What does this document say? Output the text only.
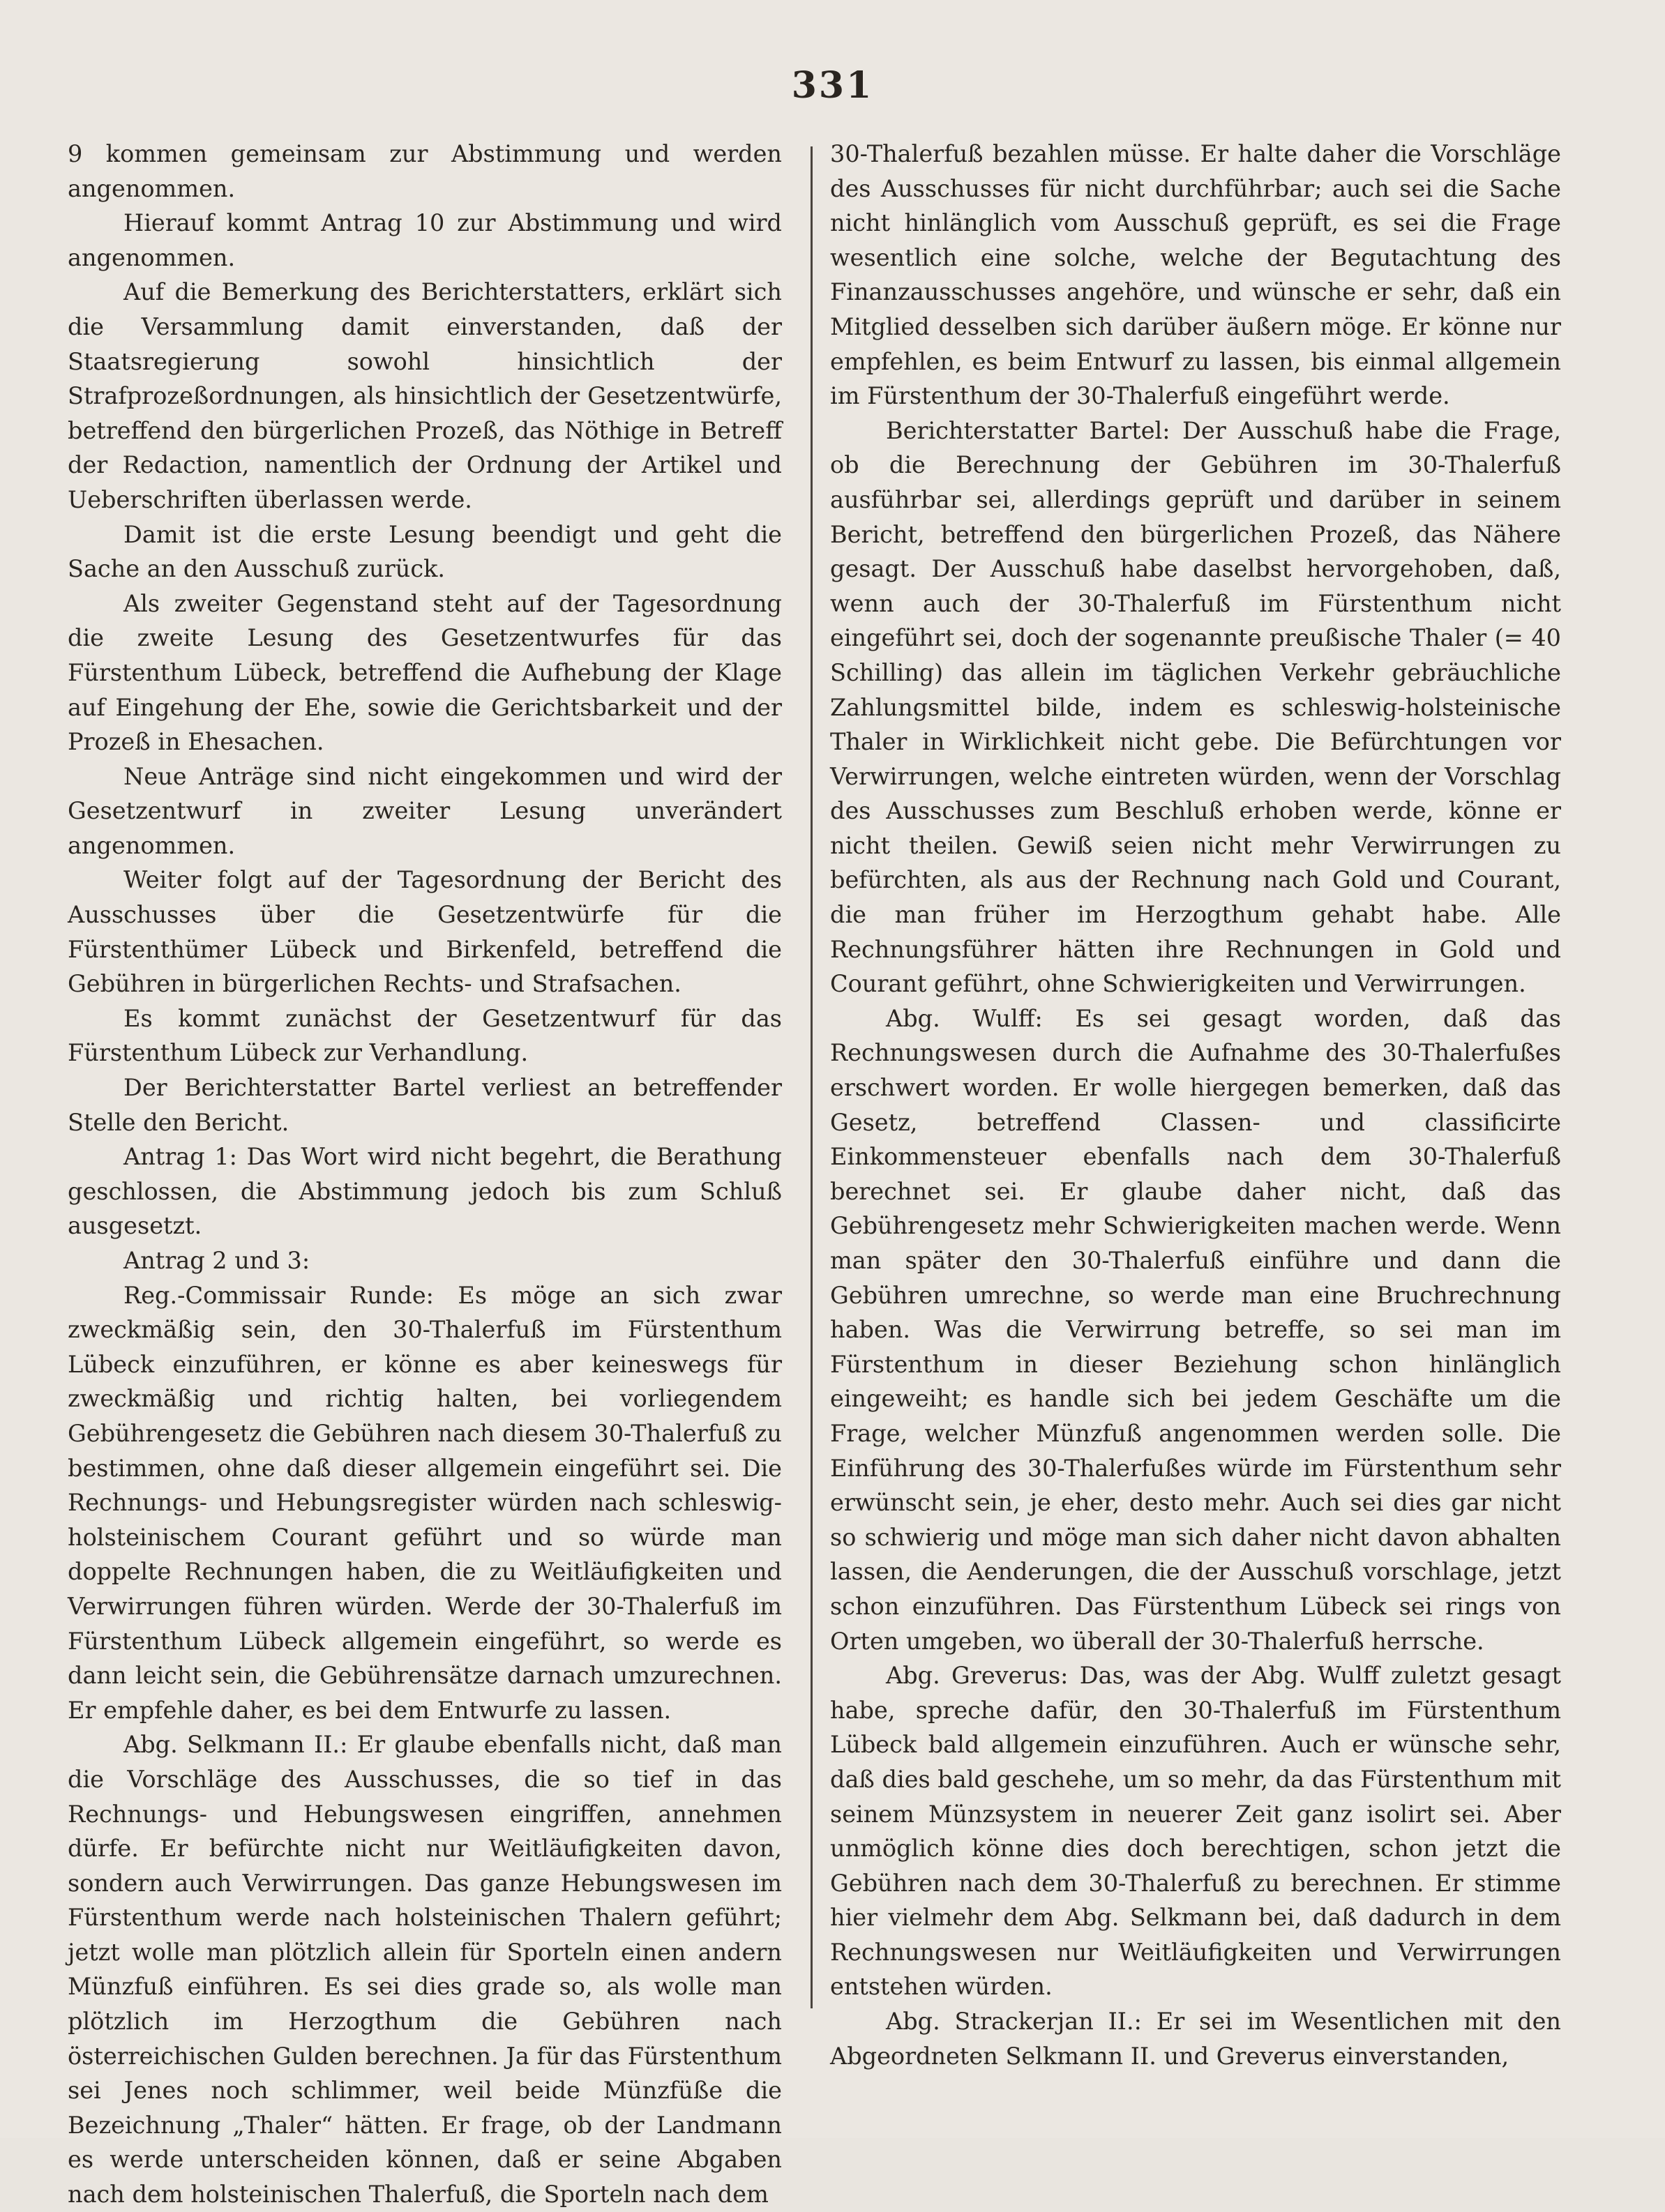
331

9 kommen gemeinsam zur Abstimmung und werden angenommen.

Hierauf kommt Antrag 10 zur Abstimmung und wird angenommen.

Auf die Bemerkung des Berichterstatters, erklärt sich die Versammlung damit einverstanden, daß der Staatsregierung sowohl hinsichtlich der Strafprozeßordnungen, als hinsichtlich der Gesetzentwürfe, betreffend den bürgerlichen Prozeß, das Nöthige in Betreff der Redaction, namentlich der Ordnung der Artikel und Ueberschriften überlassen werde.

Damit ist die erste Lesung beendigt und geht die Sache an den Ausschuß zurück.

Als zweiter Gegenstand steht auf der Tagesordnung die zweite Lesung des Gesetzentwurfes für das Fürstenthum Lübeck, betreffend die Aufhebung der Klage auf Eingehung der Ehe, sowie die Gerichtsbarkeit und der Prozeß in Ehesachen.

Neue Anträge sind nicht eingekommen und wird der Gesetzentwurf in zweiter Lesung unverändert angenommen.

Weiter folgt auf der Tagesordnung der Bericht des Ausschusses über die Gesetzentwürfe für die Fürstenthümer Lübeck und Birkenfeld, betreffend die Gebühren in bürgerlichen Rechts- und Strafsachen.

Es kommt zunächst der Gesetzentwurf für das Fürstenthum Lübeck zur Verhandlung.

Der Berichterstatter Bartel verliest an betreffender Stelle den Bericht.

Antrag 1: Das Wort wird nicht begehrt, die Berathung geschlossen, die Abstimmung jedoch bis zum Schluß ausgesetzt.

Antrag 2 und 3:

Reg.-Commissair Runde: Es möge an sich zwar zweckmäßig sein, den 30-Thalerfuß im Fürstenthum Lübeck einzuführen, er könne es aber keineswegs für zweckmäßig und richtig halten, bei vorliegendem Gebührengesetz die Gebühren nach diesem 30-Thalerfuß zu bestimmen, ohne daß dieser allgemein eingeführt sei. Die Rechnungs- und Hebungsregister würden nach schleswig-holsteinischem Courant geführt und so würde man doppelte Rechnungen haben, die zu Weitläufigkeiten und Verwirrungen führen würden. Werde der 30-Thalerfuß im Fürstenthum Lübeck allgemein eingeführt, so werde es dann leicht sein, die Gebührensätze darnach umzurechnen. Er empfehle daher, es bei dem Entwurfe zu lassen.

Abg. Selkmann II.: Er glaube ebenfalls nicht, daß man die Vorschläge des Ausschusses, die so tief in das Rechnungs- und Hebungswesen eingriffen, annehmen dürfe. Er befürchte nicht nur Weitläufigkeiten davon, sondern auch Verwirrungen. Das ganze Hebungswesen im Fürstenthum werde nach holsteinischen Thalern geführt; jetzt wolle man plötzlich allein für Sporteln einen andern Münzfuß einführen. Es sei dies grade so, als wolle man plötzlich im Herzogthum die Gebühren nach österreichischen Gulden berechnen. Ja für das Fürstenthum sei Jenes noch schlimmer, weil beide Münzfüße die Bezeichnung „Thaler“ hätten. Er frage, ob der Landmann es werde unterscheiden können, daß er seine Abgaben nach dem holsteinischen Thalerfuß, die Sporteln nach dem

30-Thalerfuß bezahlen müsse. Er halte daher die Vorschläge des Ausschusses für nicht durchführbar; auch sei die Sache nicht hinlänglich vom Ausschuß geprüft, es sei die Frage wesentlich eine solche, welche der Begutachtung des Finanzausschusses angehöre, und wünsche er sehr, daß ein Mitglied desselben sich darüber äußern möge. Er könne nur empfehlen, es beim Entwurf zu lassen, bis einmal allgemein im Fürstenthum der 30-Thalerfuß eingeführt werde.

Berichterstatter Bartel: Der Ausschuß habe die Frage, ob die Berechnung der Gebühren im 30-Thalerfuß ausführbar sei, allerdings geprüft und darüber in seinem Bericht, betreffend den bürgerlichen Prozeß, das Nähere gesagt. Der Ausschuß habe daselbst hervorgehoben, daß, wenn auch der 30-Thalerfuß im Fürstenthum nicht eingeführt sei, doch der sogenannte preußische Thaler (= 40 Schilling) das allein im täglichen Verkehr gebräuchliche Zahlungsmittel bilde, indem es schleswig-holsteinische Thaler in Wirklichkeit nicht gebe. Die Befürchtungen vor Verwirrungen, welche eintreten würden, wenn der Vorschlag des Ausschusses zum Beschluß erhoben werde, könne er nicht theilen. Gewiß seien nicht mehr Verwirrungen zu befürchten, als aus der Rechnung nach Gold und Courant, die man früher im Herzogthum gehabt habe. Alle Rechnungsführer hätten ihre Rechnungen in Gold und Courant geführt, ohne Schwierigkeiten und Verwirrungen.

Abg. Wulff: Es sei gesagt worden, daß das Rechnungswesen durch die Aufnahme des 30-Thalerfußes erschwert worden. Er wolle hiergegen bemerken, daß das Gesetz, betreffend Classen- und classificirte Einkommensteuer ebenfalls nach dem 30-Thalerfuß berechnet sei. Er glaube daher nicht, daß das Gebührengesetz mehr Schwierigkeiten machen werde. Wenn man später den 30-Thalerfuß einführe und dann die Gebühren umrechne, so werde man eine Bruchrechnung haben. Was die Verwirrung betreffe, so sei man im Fürstenthum in dieser Beziehung schon hinlänglich eingeweiht; es handle sich bei jedem Geschäfte um die Frage, welcher Münzfuß angenommen werden solle. Die Einführung des 30-Thalerfußes würde im Fürstenthum sehr erwünscht sein, je eher, desto mehr. Auch sei dies gar nicht so schwierig und möge man sich daher nicht davon abhalten lassen, die Aenderungen, die der Ausschuß vorschlage, jetzt schon einzuführen. Das Fürstenthum Lübeck sei rings von Orten umgeben, wo überall der 30-Thalerfuß herrsche.

Abg. Greverus: Das, was der Abg. Wulff zuletzt gesagt habe, spreche dafür, den 30-Thalerfuß im Fürstenthum Lübeck bald allgemein einzuführen. Auch er wünsche sehr, daß dies bald geschehe, um so mehr, da das Fürstenthum mit seinem Münzsystem in neuerer Zeit ganz isolirt sei. Aber unmöglich könne dies doch berechtigen, schon jetzt die Gebühren nach dem 30-Thalerfuß zu berechnen. Er stimme hier vielmehr dem Abg. Selkmann bei, daß dadurch in dem Rechnungswesen nur Weitläufigkeiten und Verwirrungen entstehen würden.

Abg. Strackerjan II.: Er sei im Wesentlichen mit den Abgeordneten Selkmann II. und Greverus einverstanden,
